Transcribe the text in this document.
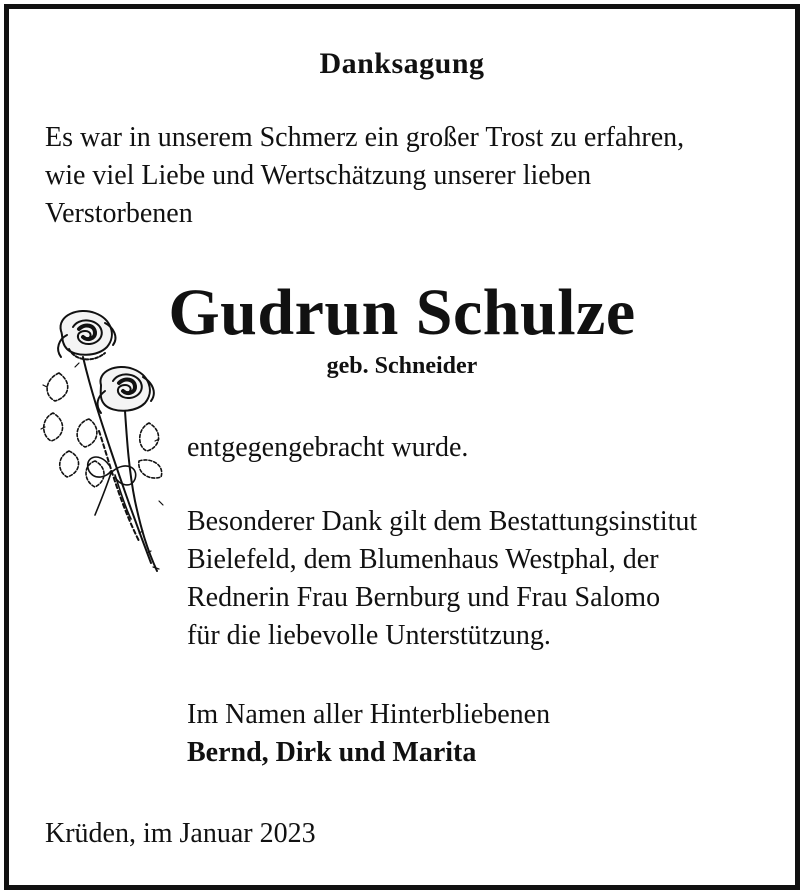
Danksagung
Es war in unserem Schmerz ein großer Trost zu erfahren,
wie viel Liebe und Wertschätzung unserer lieben
Verstorbenen
Gudrun Schulze
geb. Schneider
entgegengebracht wurde.
Besonderer Dank gilt dem Bestattungsinstitut
Bielefeld, dem Blumenhaus Westphal, der
Rednerin Frau Bernburg und Frau Salomo
für die liebevolle Unterstützung.
Im Namen aller Hinterbliebenen
Bernd, Dirk und Marita
Krüden, im Januar 2023
